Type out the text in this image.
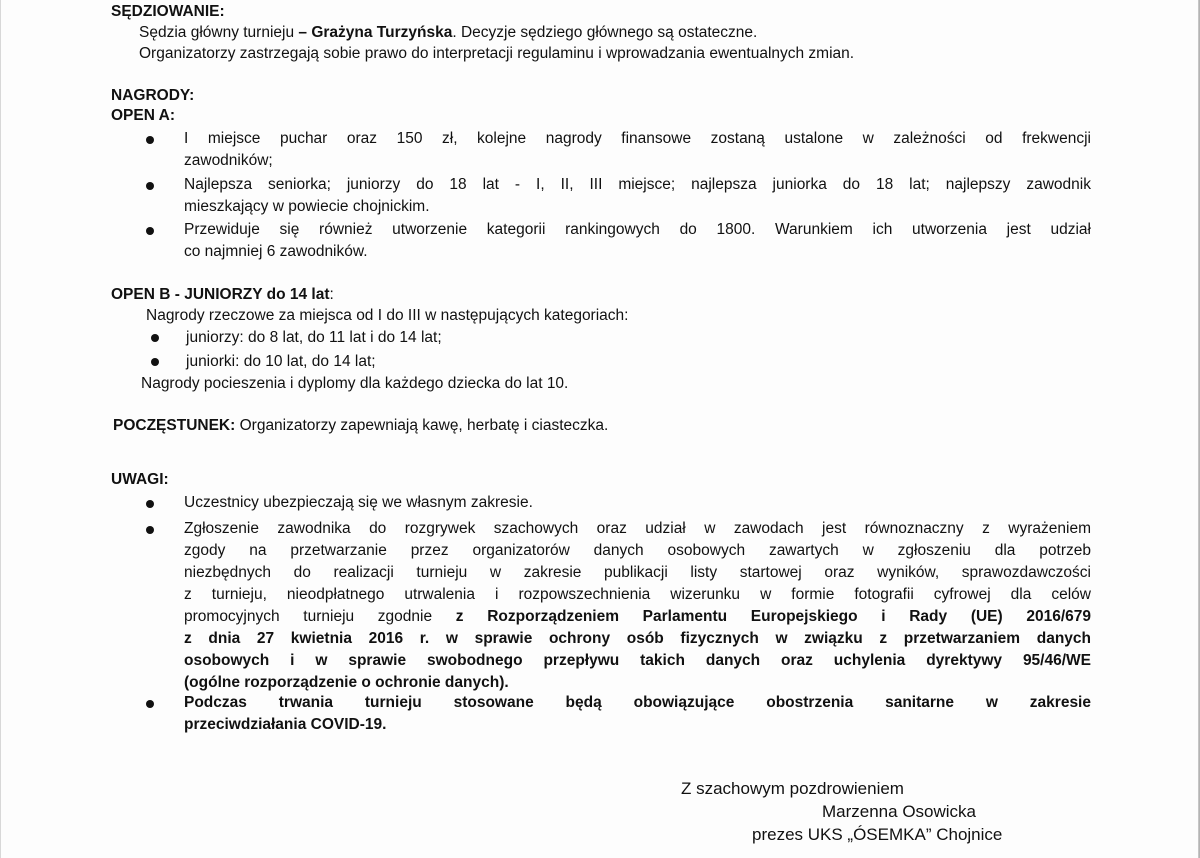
SĘDZIOWANIE:
Sędzia główny turnieju – Grażyna Turzyńska. Decyzje sędziego głównego są ostateczne.
Organizatorzy zastrzegają sobie prawo do interpretacji regulaminu i wprowadzania ewentualnych zmian.
NAGRODY:
OPEN A:
I miejsce puchar oraz 150 zł, kolejne nagrody finansowe zostaną ustalone w zależności od frekwencji
zawodników;
Najlepsza seniorka; juniorzy do 18 lat - I, II, III miejsce; najlepsza juniorka do 18 lat; najlepszy zawodnik
mieszkający w powiecie chojnickim.
Przewiduje się również utworzenie kategorii rankingowych do 1800. Warunkiem ich utworzenia jest udział
co najmniej 6 zawodników.
OPEN B - JUNIORZY do 14 lat:
Nagrody rzeczowe za miejsca od I do III w następujących kategoriach:
juniorzy: do 8 lat, do 11 lat i do 14 lat;
juniorki: do 10 lat, do 14 lat;
Nagrody pocieszenia i dyplomy dla każdego dziecka do lat 10.
POCZĘSTUNEK: Organizatorzy zapewniają kawę, herbatę i ciasteczka.
UWAGI:
Uczestnicy ubezpieczają się we własnym zakresie.
Zgłoszenie zawodnika do rozgrywek szachowych oraz udział w zawodach jest równoznaczny z wyrażeniem
zgody na przetwarzanie przez organizatorów danych osobowych zawartych w zgłoszeniu dla potrzeb
niezbędnych do realizacji turnieju w zakresie publikacji listy startowej oraz wyników, sprawozdawczości
z turnieju, nieodpłatnego utrwalenia i rozpowszechnienia wizerunku w formie fotografii cyfrowej dla celów
promocyjnych turnieju zgodnie z Rozporządzeniem Parlamentu Europejskiego i Rady (UE) 2016/679
z dnia 27 kwietnia 2016 r. w sprawie ochrony osób fizycznych w związku z przetwarzaniem danych
osobowych i w sprawie swobodnego przepływu takich danych oraz uchylenia dyrektywy 95/46/WE
(ogólne rozporządzenie o ochronie danych).
Podczas trwania turnieju stosowane będą obowiązujące obostrzenia sanitarne w zakresie
przeciwdziałania COVID-19.
Z szachowym pozdrowieniem
Marzenna Osowicka
prezes UKS „ÓSEMKA” Chojnice
